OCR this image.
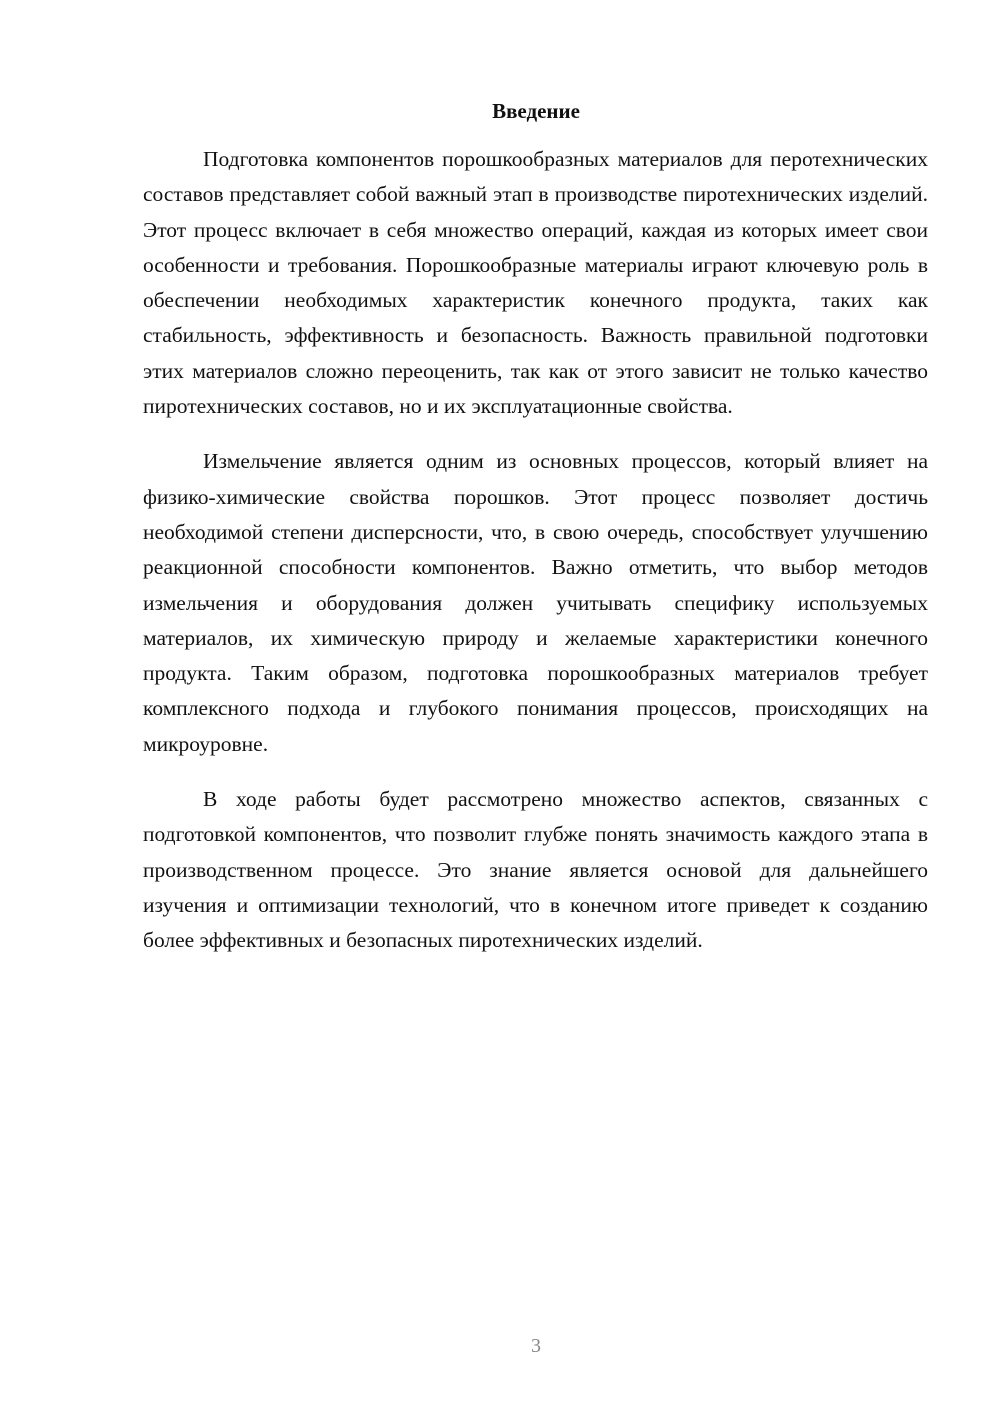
Введение

Подготовка компонентов порошкообразных материалов для перотехнических составов представляет собой важный этап в производстве пиротехнических изделий. Этот процесс включает в себя множество операций, каждая из которых имеет свои особенности и требования. Порошкообразные материалы играют ключевую роль в обеспечении необходимых характеристик конечного продукта, таких как стабильность, эффективность и безопасность. Важность правильной подготовки этих материалов сложно переоценить, так как от этого зависит не только качество пиротехнических составов, но и их эксплуатационные свойства.

Измельчение является одним из основных процессов, который влияет на физико-химические свойства порошков. Этот процесс позволяет достичь необходимой степени дисперсности, что, в свою очередь, способствует улучшению реакционной способности компонентов. Важно отметить, что выбор методов измельчения и оборудования должен учитывать специфику используемых материалов, их химическую природу и желаемые характеристики конечного продукта. Таким образом, подготовка порошкообразных материалов требует комплексного подхода и глубокого понимания процессов, происходящих на микроуровне.

В ходе работы будет рассмотрено множество аспектов, связанных с подготовкой компонентов, что позволит глубже понять значимость каждого этапа в производственном процессе. Это знание является основой для дальнейшего изучения и оптимизации технологий, что в конечном итоге приведет к созданию более эффективных и безопасных пиротехнических изделий.

3
